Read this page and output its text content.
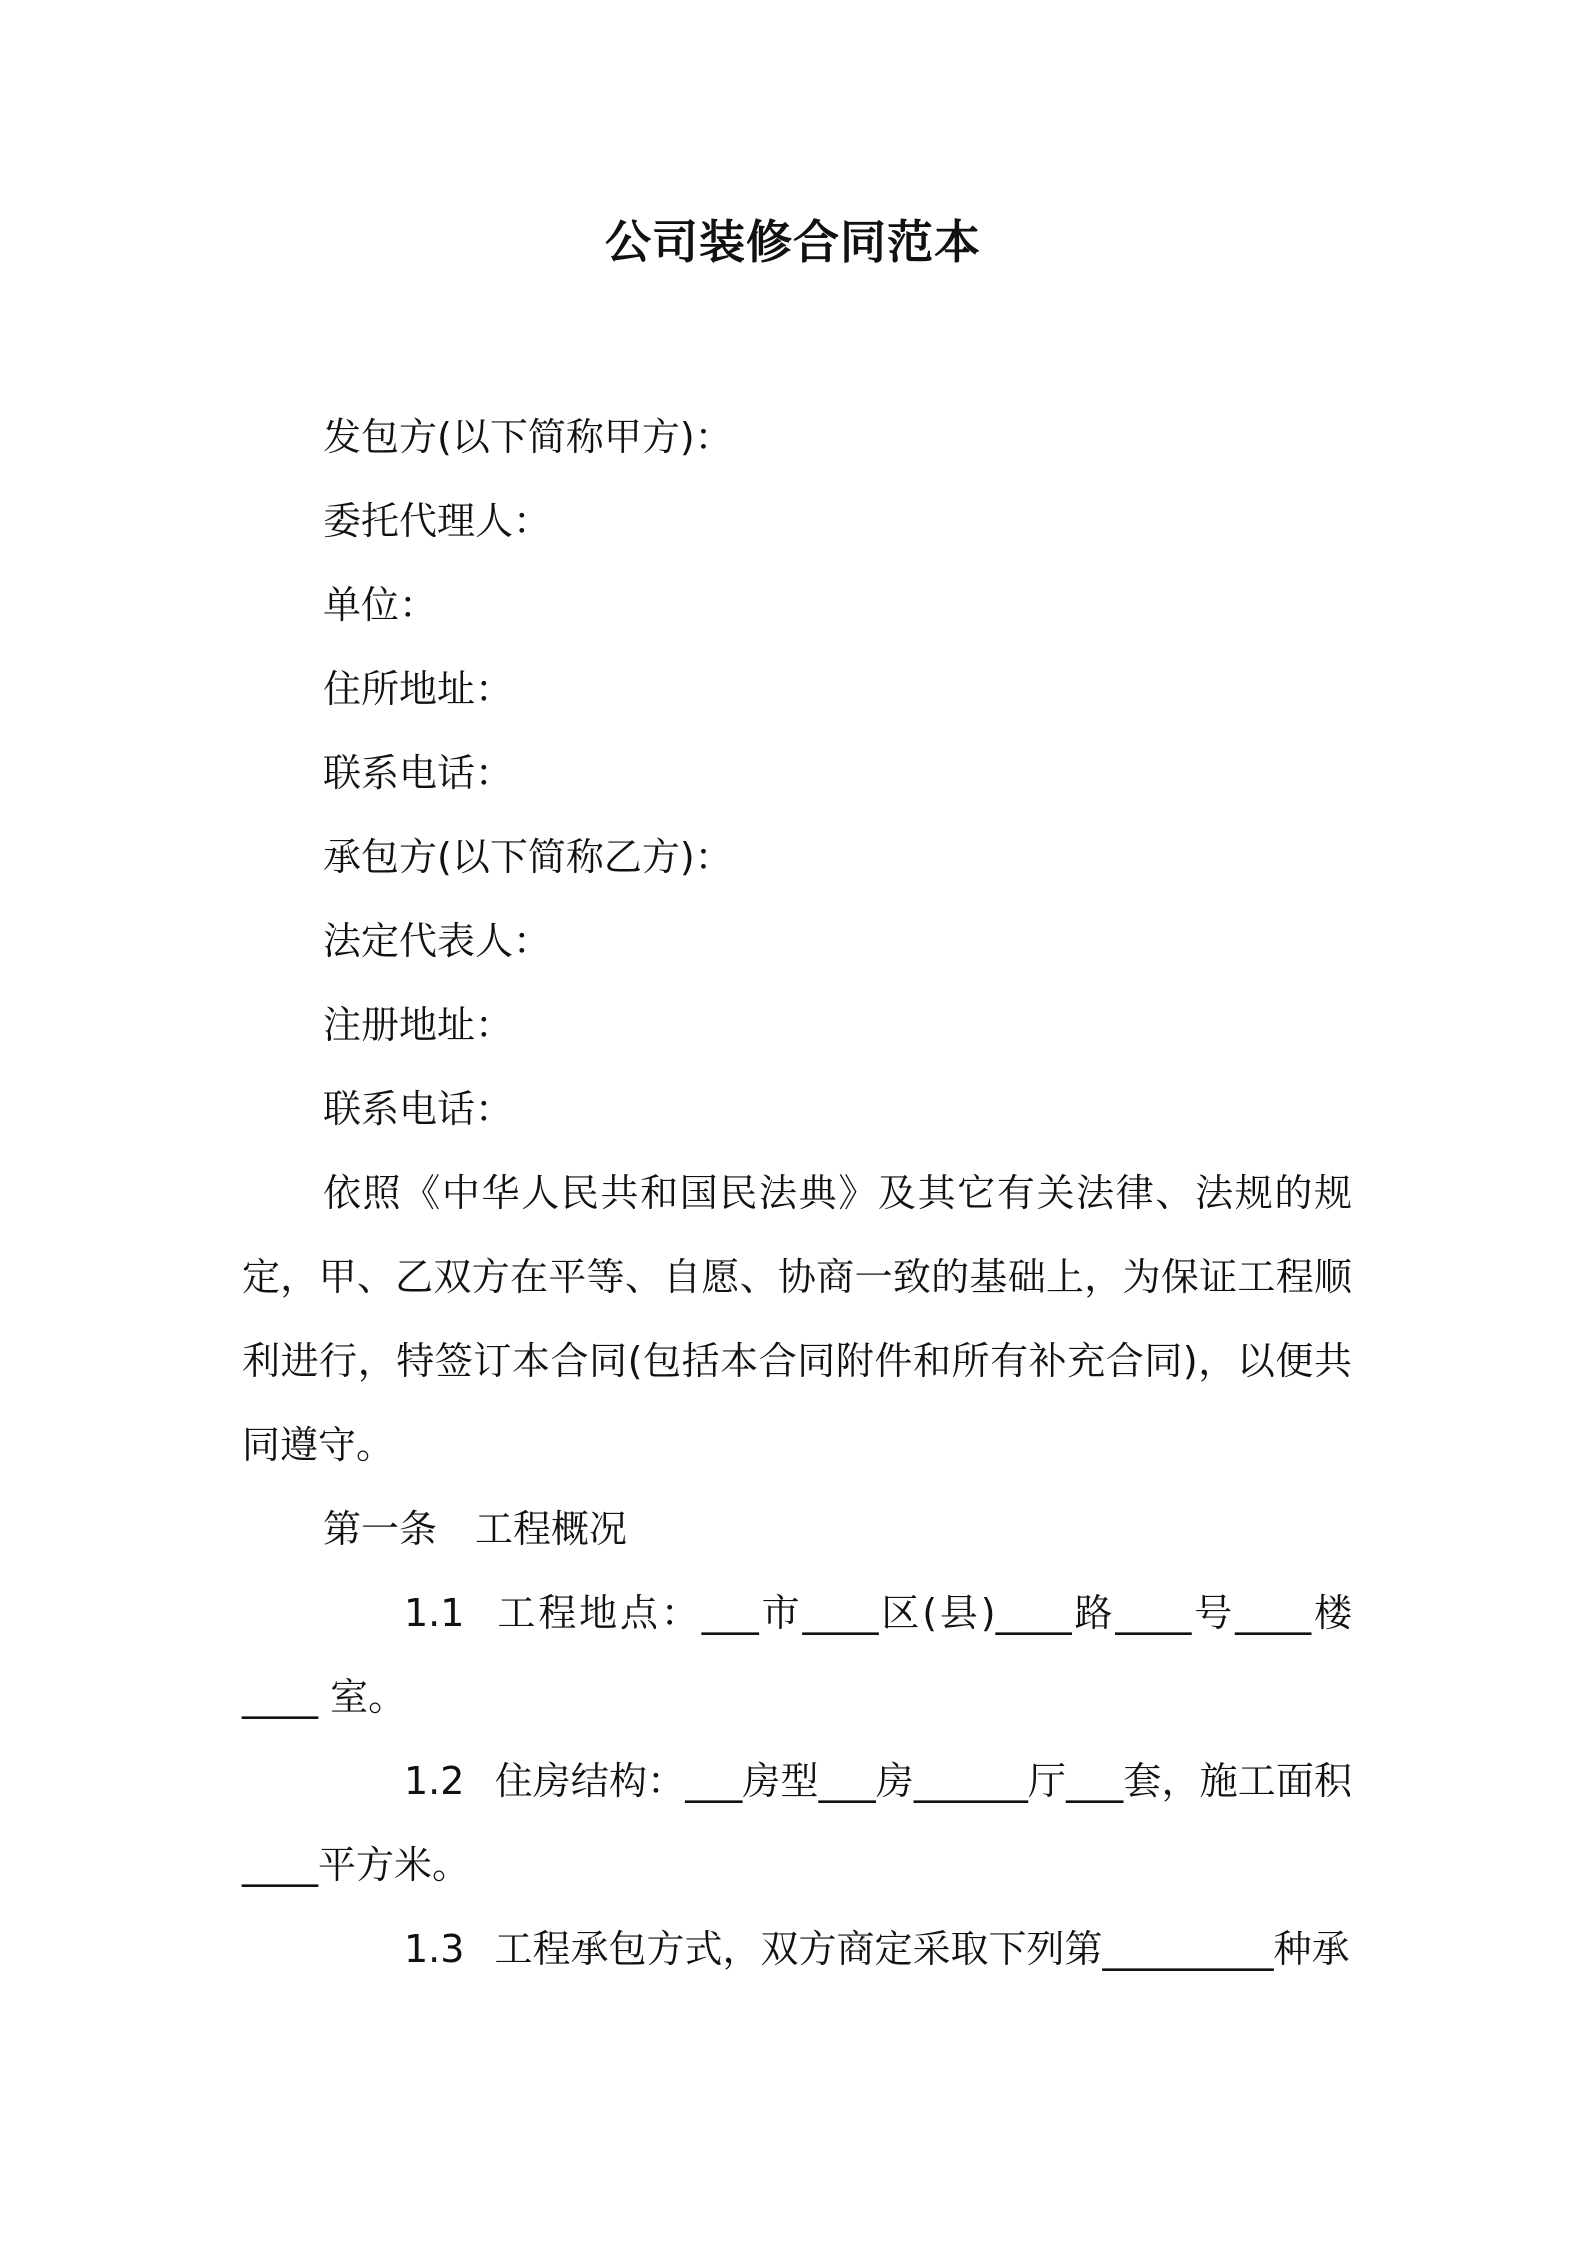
公司装修合同范本
发包方(以下简称甲方)：
委托代理人：
单位：
住所地址：
联系电话：
承包方(以下简称乙方)：
法定代表人：
注册地址：
联系电话：
依照《中华人民共和国民法典》及其它有关法律、法规的规定，甲、乙双方在平等、自愿、协商一致的基础上，为保证工程顺利进行，特签订本合同(包括本合同附件和所有补充合同)，以便共同遵守。
第一条　工程概况
1.1 工程地点：___市____区(县)____路____号____楼____ 室。
1.2 住房结构：___房型___房______厅___套，施工面积____平方米。
1.3 工程承包方式，双方商定采取下列第_________种承
